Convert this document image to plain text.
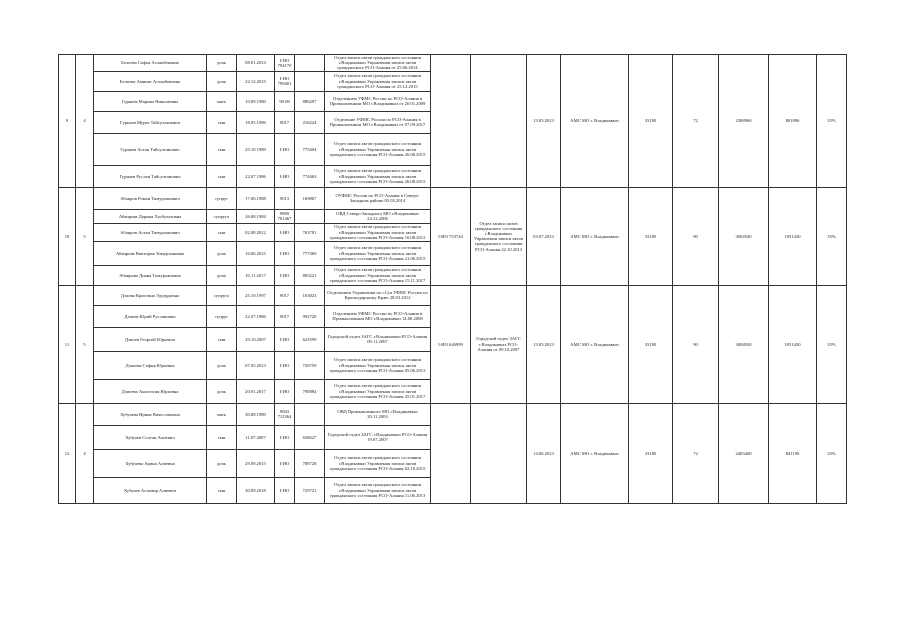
9	4	Белоева Софья Асланбековна	дочь	08.01.2014	I-ИО 794170		Отдел записи актов гражданского состояния г.Владикавказ Управления записи актов гражданского РСО-Алания от 25.06.2014			13.05.2013	АМС МО г. Владикавказ	33180	72	2388960	801896	35%
		Белоева Аминат Асланбековна	дочь	22.12.2015	I-ИО 799401		Отдел записи актов гражданского состояния г.Владикавказ Управления записи актов гражданского РСО-Алания от 25.12.2015									
		Гурнаев Марина Николаевна	мать	10.09.1980	90 08	886297	Отделением УФМС России по РСО-Алания в Промышленном МО г.Владикавказ от 20.01.2009									
		Гурнаев Мурат Тайсултанович	сын	18.05.1996	9017	216224	Отделение УФМС России по РСО-Алания в Промышленном МО г.Владикавказ от 07.09.2017									
		Гурнаев Астан Тайсултанович	сын	25.10.1989	I-ИО	775404	Отдел записи актов гражданского состояния г.Владикавказ Управления записи актов гражданского состояния РСО-Алания 26.08.2015									
		Гурнаев Руслан Тайсултанович	сын	22.07.1986	I-ИО	774463	Отдел записи актов гражданского состояния г.Владикавказ Управления записи актов гражданского состояния РСО-Алания 26.08.2015									
10	5	Абаиров Роман Тимурханович	супруг	17.06.1988	9013	169867	ОУФМС России по РСО-Алания в Северо-Западном районе 05.03.2014	I-ИО 753744	Отдел записи актов гражданского состояния г.Владикавказ Управления записи актов гражданского состояния РСО-Алания 22.10.2013	03.07.2013	АМС МО г. Владикавказ	33180	90	3004920	1051430	35%
		Абаирова Дарьям Хасбулатовна	супруга	26.08.1984	9800 701467		ОВД Северо-Западного МО г.Владикавказ 24.12.2006									
		Абаиров Астан Тимурханович	сын	02.08.2012	I-ИО	763781	Отдел записи актов гражданского состояния г.Владикавказ Управления записи актов гражданского состояния РСО-Алания 10.08.2012									
		Абаирова Виктория Тимурхановна	дочь	16.06.2015	I-ИО	777369	Отдел записи актов гражданского состояния г.Владикавказ Управления записи актов гражданского состояния РСО-Алания 21.06.2015									
		Абаирова Диана Тимурхановна	дочь	10.11.2017	I-ИО	805221	Отдел записи актов гражданского состояния г.Владикавказ Управления записи актов гражданского состояния РСО-Алания 15.11.2017									
11	5	Дзиова Кристина Эдуардовна	супруга	25.10.1997	9017	163823	Отделением Управления по г.Суа УФМС России по Краснодарскому Краю 28.03.2012	I-ИО 626999	Городской отдел ЗАГС г.Владикавказ РСО-Алания от 09.10.2007	13.05.2013	АМС МО г. Владикавказ	33180	90	3004920	1051430	35%
		Дзиоев Юрий Русланович	супруг	22.07.1986	9017	992720	Отделением УФМС России по РСО-Алания в Промышленном МО г.Владикавказ 14.08.2008									
		Дзиоев Георгий Юрьевич	сын	29.10.2007	I-ИО	623599	Городской отдел ЗАГС г.Владикавказ РСО-Алания 09.11.2007									
		Дзиоева София Юрьевна	дочь	07.05.2013	I-ИО	726759	Отдел записи актов гражданского состояния г.Владикавказ Управления записи актов гражданского состояния РСО-Алания 05.06.2013									
		Дзиоева Анастасия Юрьевна	дочь	20.01.2017	I-ИО	798884	Отдел записи актов гражданского состояния г.Владикавказ Управления записи актов гражданского состояния РСО-Алания 25.01.2017									
12	4	Хубуаева Ирина Вячеславовна	мать	30.08.1989	9003 712364		ОВД Промышленного МО г.Владикавказ 20.11.2003			14.06.2013	АМС МО г. Владикавказ	33180	72	2403460	841196	35%
		Хубуаев Солтан Алиевич	сын	11.07.2007	I-ИО	638627	Городской отдел ЗАГС г.Владикавказ РСО-Алания 19.07.2007									
		Хубуаева Арина Алиевна	дочь	29.09.2015	I-ИО	788728	Отдел записи актов гражданского состояния г.Владикавказ Управления записи актов гражданского состояния РСО-Алания 02.10.2015									
		Хубуаев Астамир Алиевич	сын	30.09.2018	I-ИО	729721	Отдел записи актов гражданского состояния г.Владикавказ Управления записи актов гражданского состояния РСО-Алания 11.06.2013									
